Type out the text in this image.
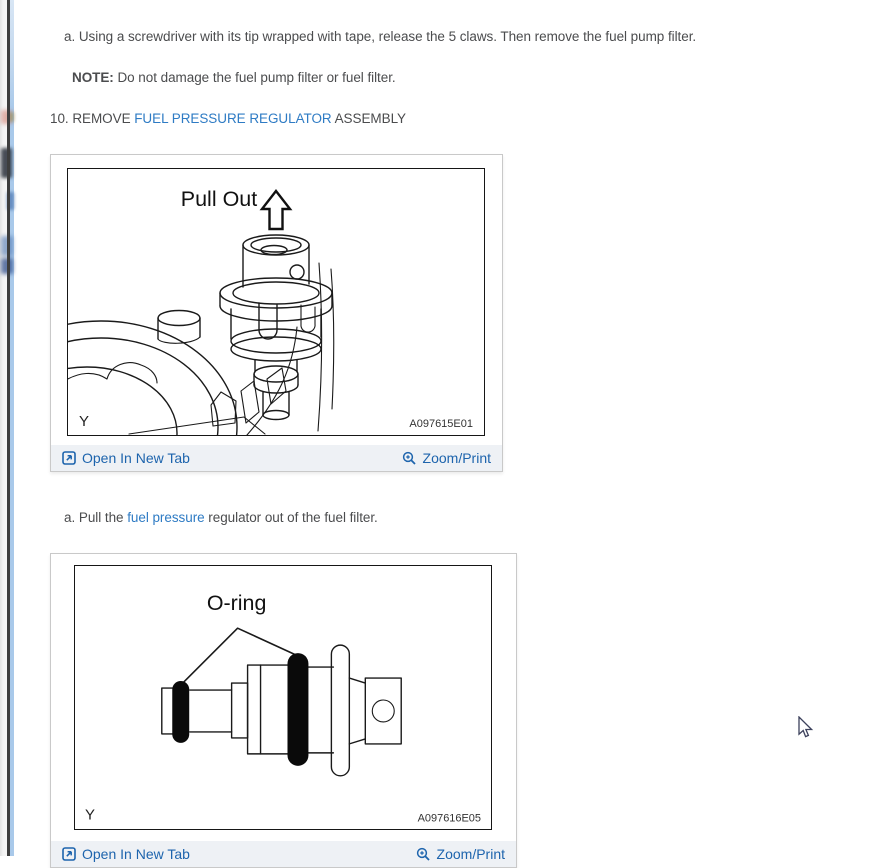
a. Using a screwdriver with its tip wrapped with tape, release the 5 claws. Then remove the fuel pump filter.

NOTE: Do not damage the fuel pump filter or fuel filter.

10. REMOVE FUEL PRESSURE REGULATOR ASSEMBLY

Pull Out
Y	A097615E01
Open In New Tab	Zoom/Print

a. Pull the fuel pressure regulator out of the fuel filter.

O-ring
Y	A097616E05
Open In New Tab	Zoom/Print
